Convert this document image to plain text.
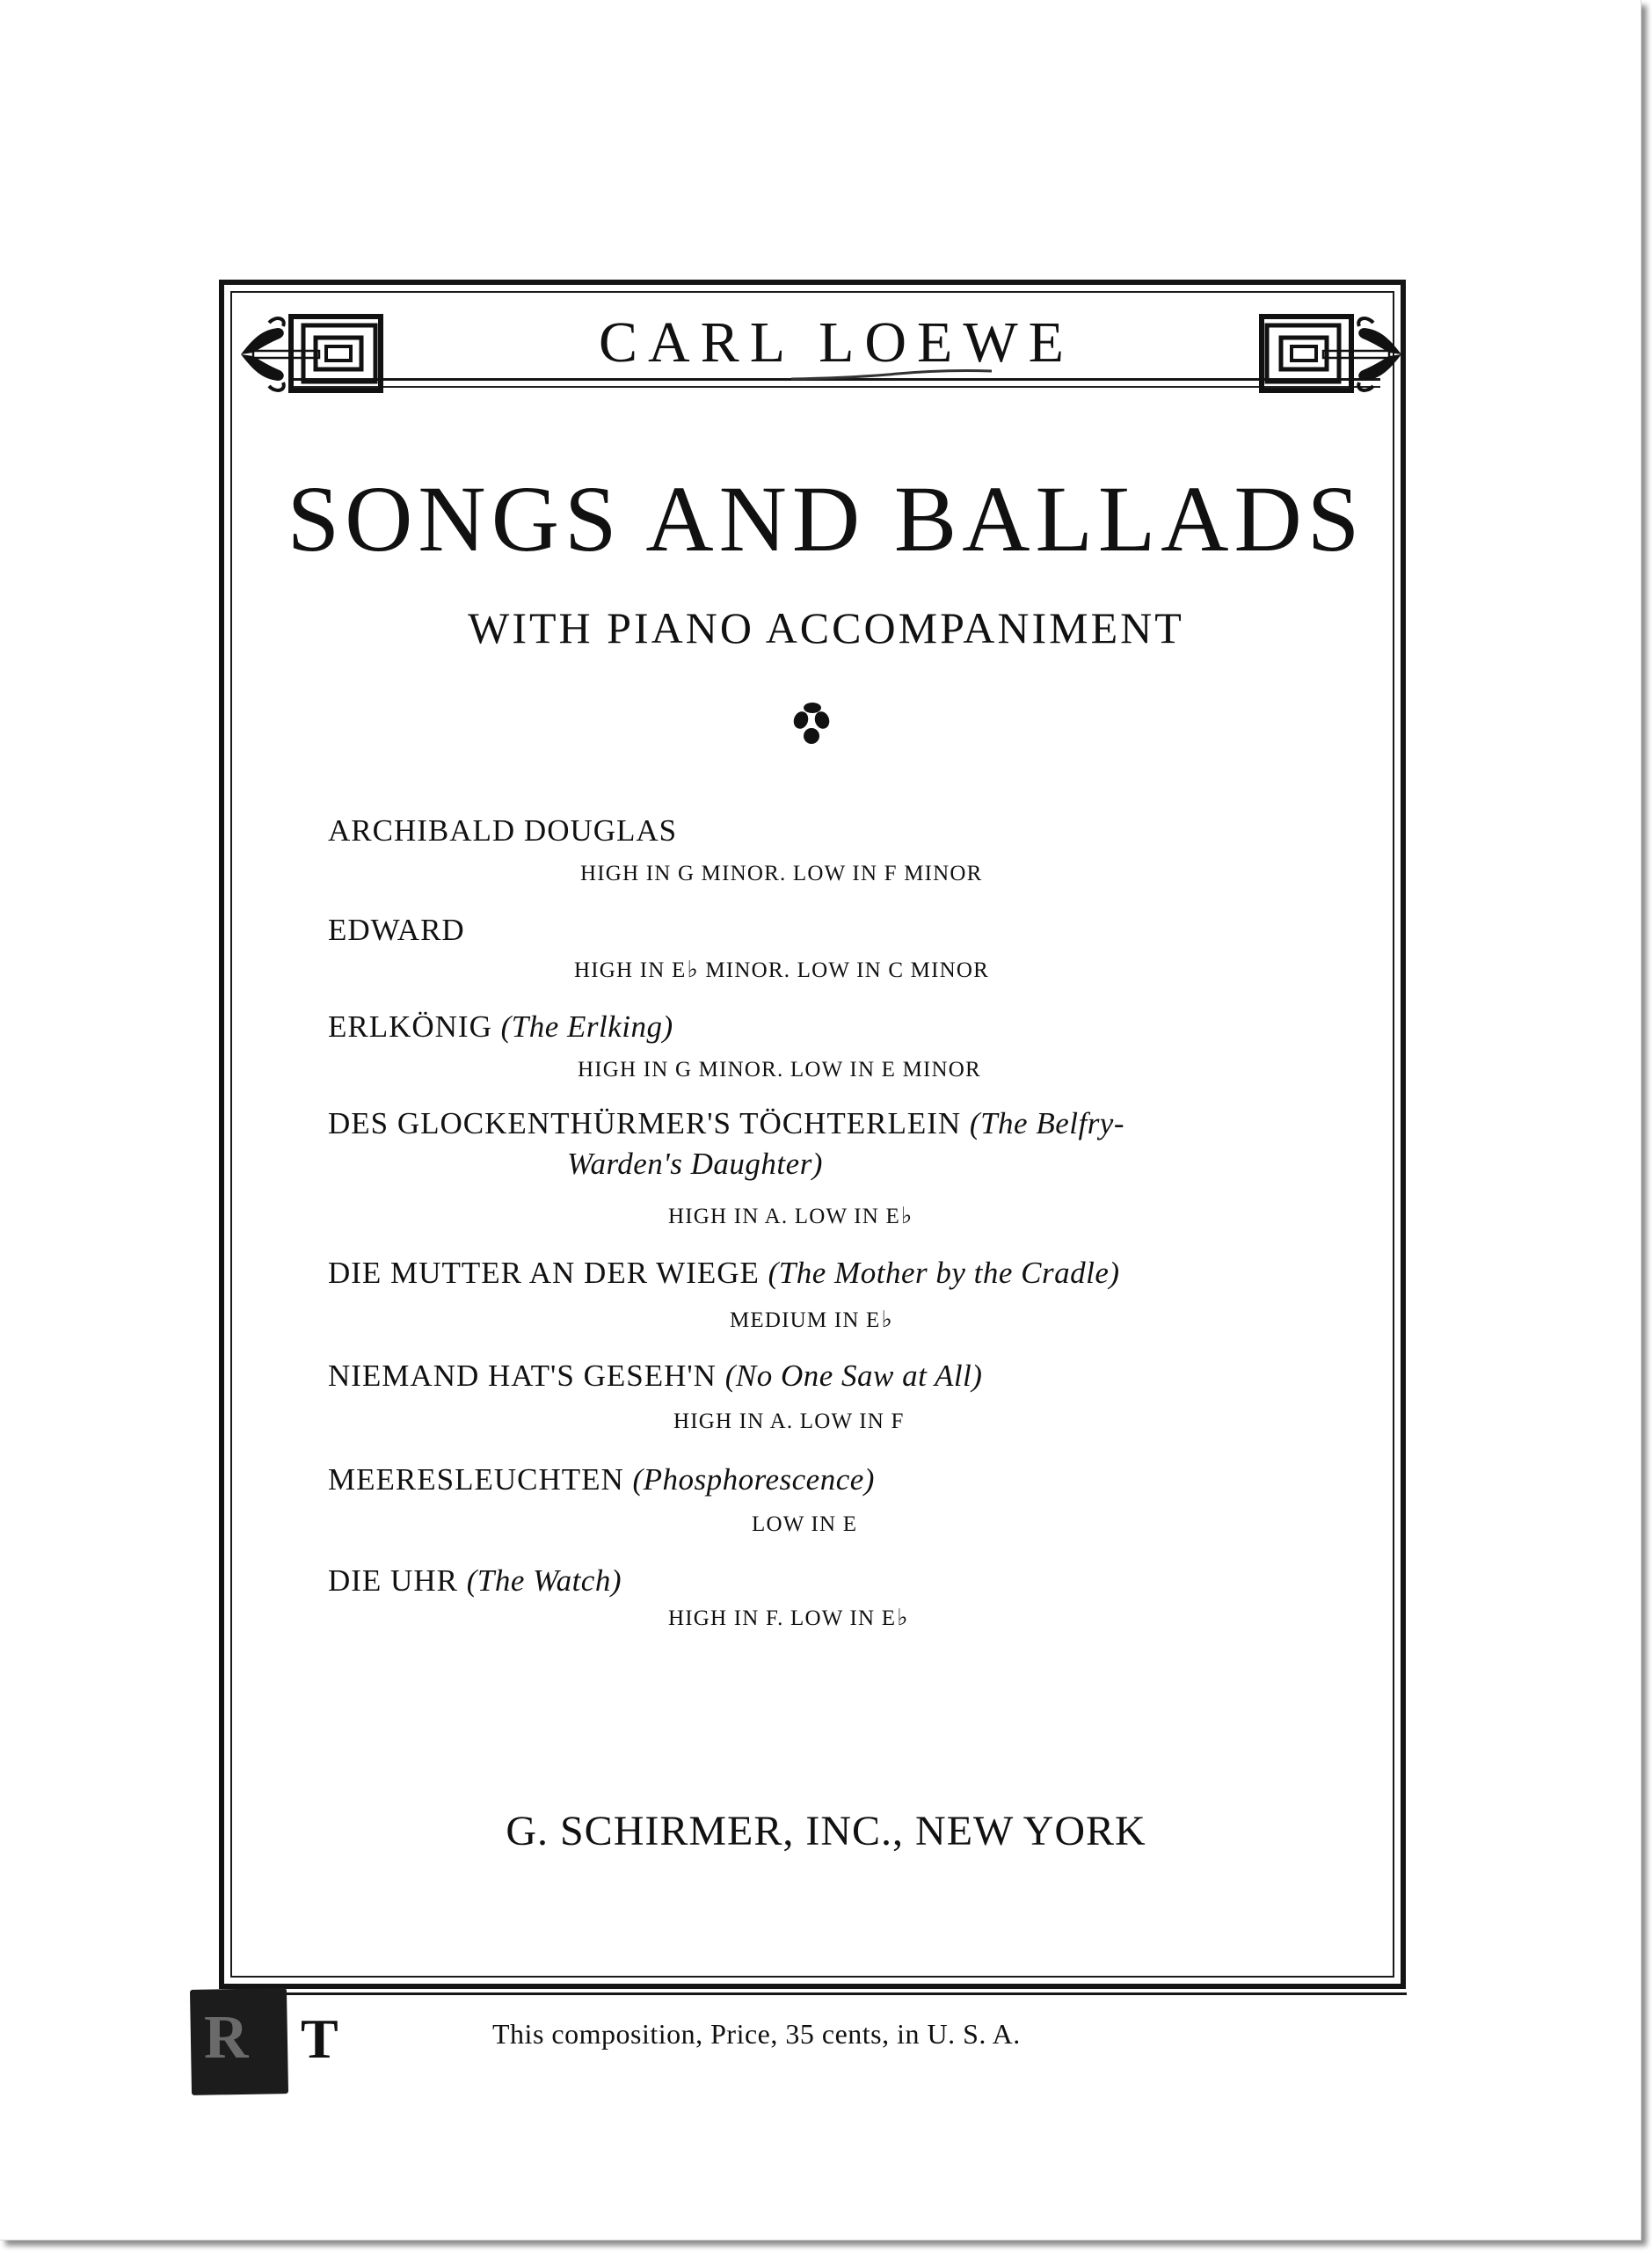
CARL LOEWE
SONGS AND BALLADS
WITH PIANO ACCOMPANIMENT
ARCHIBALD DOUGLAS
HIGH IN G MINOR. LOW IN F MINOR
EDWARD
HIGH IN E♭ MINOR. LOW IN C MINOR
ERLKÖNIG (The Erlking)
HIGH IN G MINOR. LOW IN E MINOR
DES GLOCKENTHÜRMER'S TÖCHTERLEIN (The Belfry-
Warden's Daughter)
HIGH IN A. LOW IN E♭
DIE MUTTER AN DER WIEGE (The Mother by the Cradle)
MEDIUM IN E♭
NIEMAND HAT'S GESEH'N (No One Saw at All)
HIGH IN A. LOW IN F
MEERESLEUCHTEN (Phosphorescence)
LOW IN E
DIE UHR (The Watch)
HIGH IN F. LOW IN E♭
G. SCHIRMER, INC., NEW YORK
R T	This composition, Price, 35 cents, in U. S. A.
